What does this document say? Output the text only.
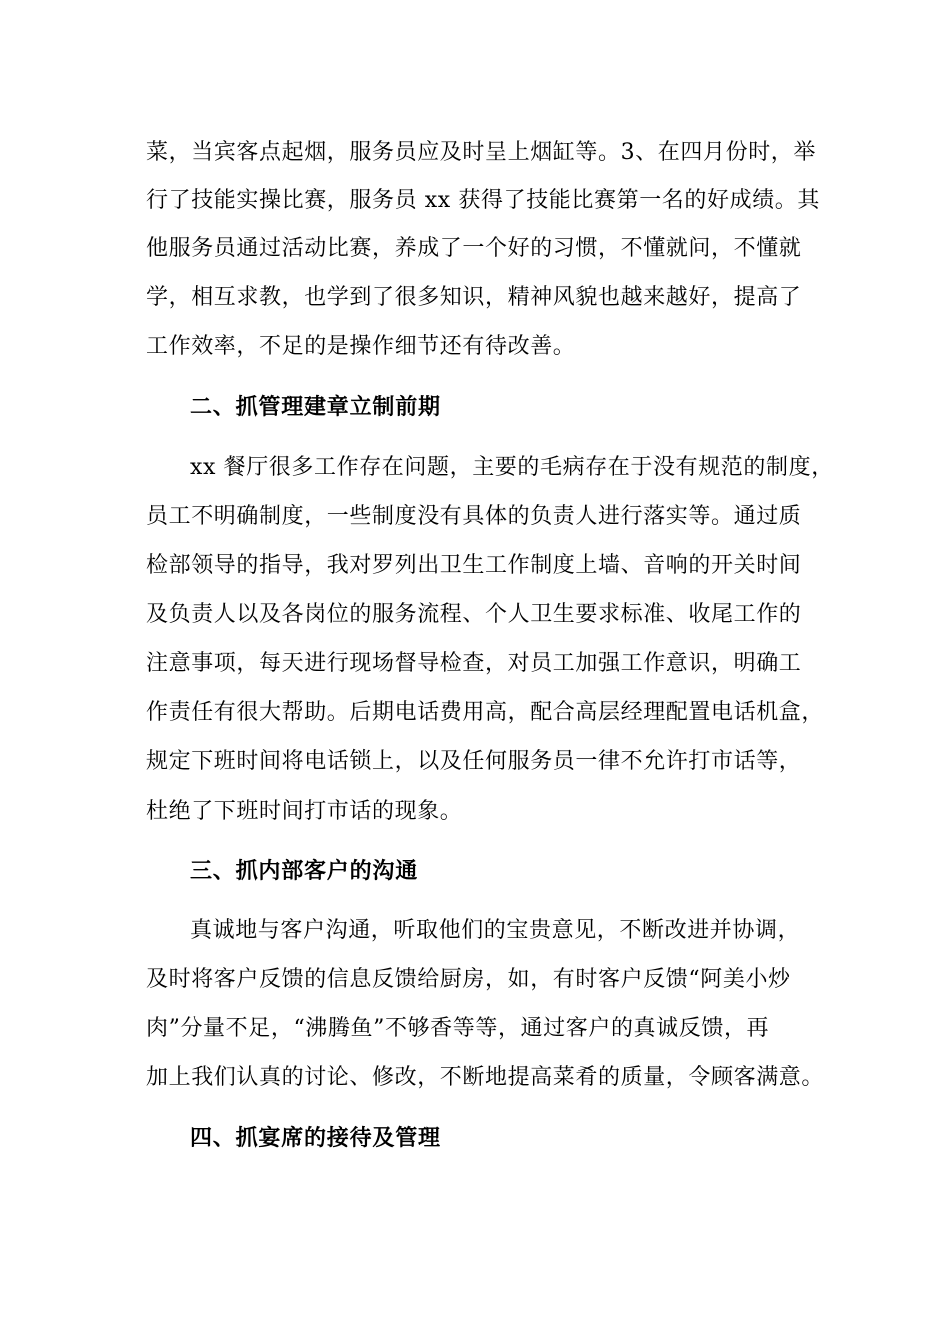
菜，当宾客点起烟，服务员应及时呈上烟缸等。3、在四月份时，举
行了技能实操比赛，服务员 xx 获得了技能比赛第一名的好成绩。其
他服务员通过活动比赛，养成了一个好的习惯，不懂就问，不懂就
学，相互求教，也学到了很多知识，精神风貌也越来越好，提高了
工作效率，不足的是操作细节还有待改善。
二、抓管理建章立制前期
xx 餐厅很多工作存在问题，主要的毛病存在于没有规范的制度，
员工不明确制度，一些制度没有具体的负责人进行落实等。通过质
检部领导的指导，我对罗列出卫生工作制度上墙、音响的开关时间
及负责人以及各岗位的服务流程、个人卫生要求标准、收尾工作的
注意事项，每天进行现场督导检查，对员工加强工作意识，明确工
作责任有很大帮助。后期电话费用高，配合高层经理配置电话机盒，
规定下班时间将电话锁上，以及任何服务员一律不允许打市话等，
杜绝了下班时间打市话的现象。
三、抓内部客户的沟通
真诚地与客户沟通，听取他们的宝贵意见，不断改进并协调，
及时将客户反馈的信息反馈给厨房，如，有时客户反馈“阿美小炒
肉”分量不足，“沸腾鱼”不够香等等，通过客户的真诚反馈，再
加上我们认真的讨论、修改，不断地提高菜肴的质量，令顾客满意。
四、抓宴席的接待及管理
